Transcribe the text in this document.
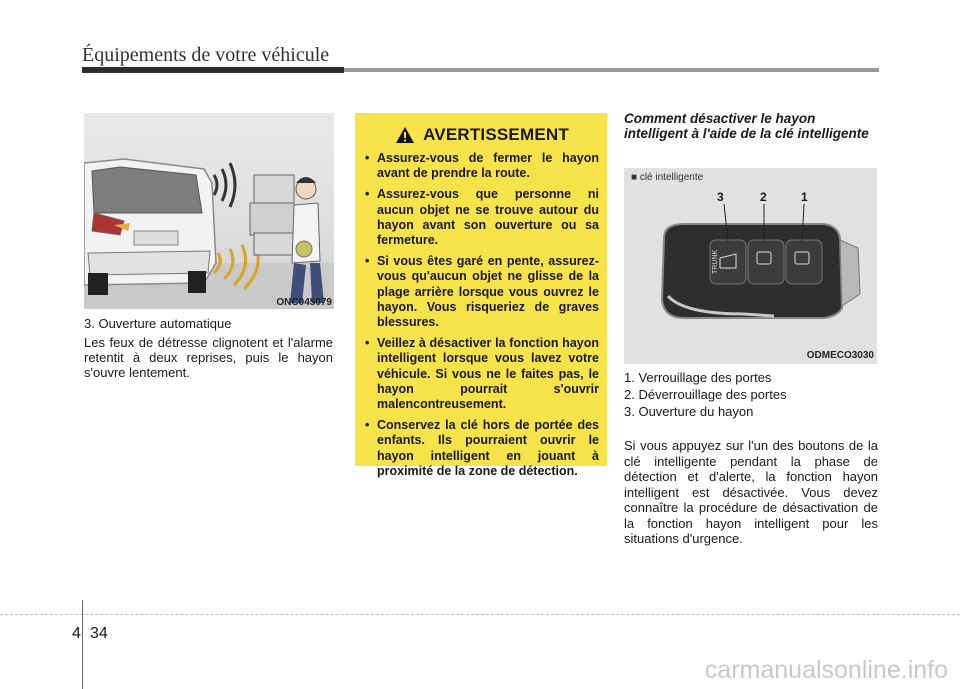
Équipements de votre véhicule
ONC045079

3. Ouverture automatique

Les feux de détresse clignotent et l'alarme retentit à deux reprises, puis le hayon s'ouvre lentement.

AVERTISSEMENT
• Assurez-vous de fermer le hayon avant de prendre la route.
• Assurez-vous que personne ni aucun objet ne se trouve autour du hayon avant son ouverture ou sa fermeture.
• Si vous êtes garé en pente, assurez-vous qu'aucun objet ne glisse de la plage arrière lorsque vous ouvrez le hayon. Vous risqueriez de graves blessures.
• Veillez à désactiver la fonction hayon intelligent lorsque vous lavez votre véhicule. Si vous ne le faites pas, le hayon pourrait s'ouvrir malencontreusement.
• Conservez la clé hors de portée des enfants. Ils pourraient ouvrir le hayon intelligent en jouant à proximité de la zone de détection.
Comment désactiver le hayon intelligent à l'aide de la clé intelligente
■ clé intelligente
TRUNK
3	2	1
ODMECO3030
1. Verrouillage des portes
2. Déverrouillage des portes
3. Ouverture du hayon

Si vous appuyez sur l'un des boutons de la clé intelligente pendant la phase de détection et d'alerte, la fonction hayon intelligent est désactivée. Vous devez connaître la procédure de désactivation de la fonction hayon intelligent pour les situations d'urgence.

4 34
carmanualsonline.info
